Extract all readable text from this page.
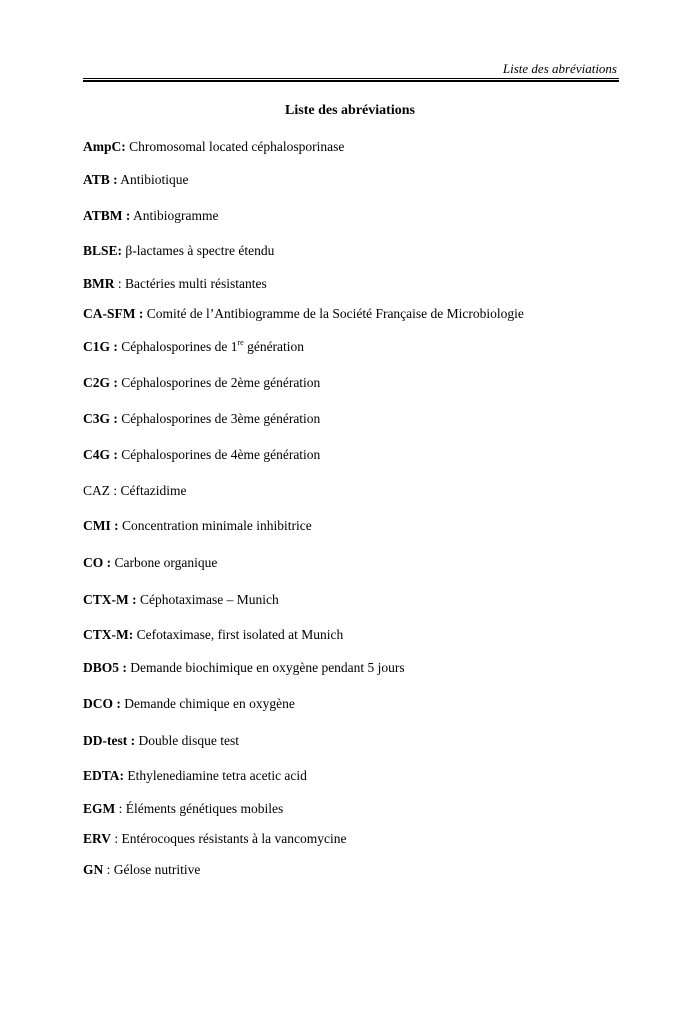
Liste des abréviations
Liste des abréviations
AmpC: Chromosomal located céphalosporinase
ATB : Antibiotique
ATBM : Antibiogramme
BLSE: β-lactames à spectre étendu
BMR : Bactéries multi résistantes
CA-SFM : Comité de l’Antibiogramme de la Société Française de Microbiologie
C1G : Céphalosporines de 1re génération
C2G : Céphalosporines de 2ème génération
C3G : Céphalosporines de 3ème génération
C4G : Céphalosporines de 4ème génération
CAZ : Céftazidime
CMI : Concentration minimale inhibitrice
CO : Carbone organique
CTX-M : Céphotaximase – Munich
CTX-M: Cefotaximase, first isolated at Munich
DBO5 : Demande biochimique en oxygène pendant 5 jours
DCO : Demande chimique en oxygène
DD-test : Double disque test
EDTA: Ethylenediamine tetra acetic acid
EGM : Éléments génétiques mobiles
ERV : Entérocoques résistants à la vancomycine
GN : Gélose nutritive
